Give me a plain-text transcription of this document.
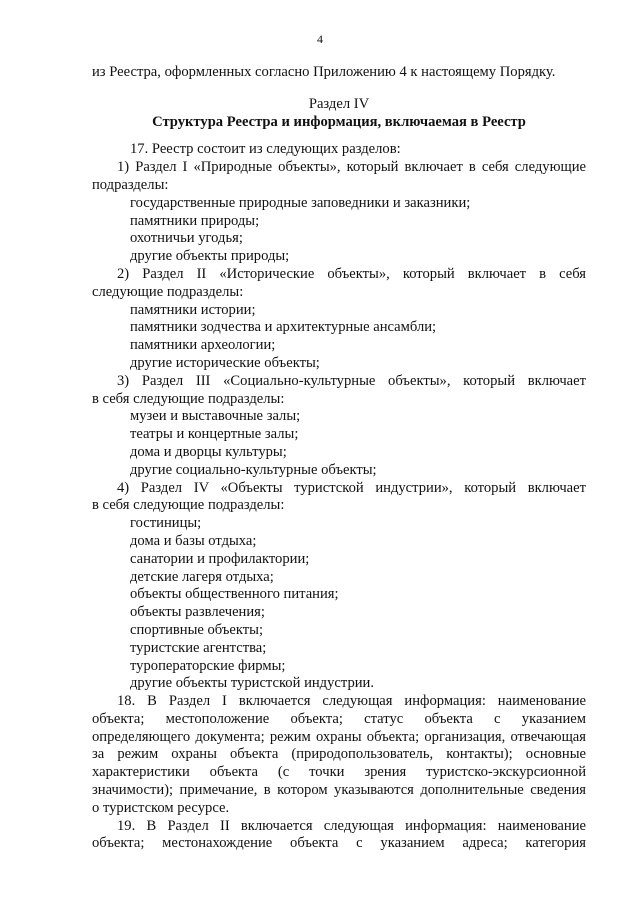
4
из Реестра, оформленных согласно Приложению 4 к настоящему Порядку.
Раздел IV
Структура Реестра и информация, включаемая в Реестр
17. Реестр состоит из следующих разделов:
1) Раздел I «Природные объекты», который включает в себя следующие
подразделы:
государственные природные заповедники и заказники;
памятники природы;
охотничьи угодья;
другие объекты природы;
2) Раздел II «Исторические объекты», который включает в себя
следующие подразделы:
памятники истории;
памятники зодчества и архитектурные ансамбли;
памятники археологии;
другие исторические объекты;
3) Раздел III «Социально-культурные объекты», который включает
в себя следующие подразделы:
музеи и выставочные залы;
театры и концертные залы;
дома и дворцы культуры;
другие социально-культурные объекты;
4) Раздел IV «Объекты туристской индустрии», который включает
в себя следующие подразделы:
гостиницы;
дома и базы отдыха;
санатории и профилактории;
детские лагеря отдыха;
объекты общественного питания;
объекты развлечения;
спортивные объекты;
туристские агентства;
туроператорские фирмы;
другие объекты туристской индустрии.
18. В Раздел I включается следующая информация: наименование
объекта; местоположение объекта; статус объекта с указанием
определяющего документа; режим охраны объекта; организация, отвечающая
за режим охраны объекта (природопользователь, контакты); основные
характеристики объекта (с точки зрения туристско-экскурсионной
значимости); примечание, в котором указываются дополнительные сведения
о туристском ресурсе.
19. В Раздел II включается следующая информация: наименование
объекта; местонахождение объекта с указанием адреса; категория
